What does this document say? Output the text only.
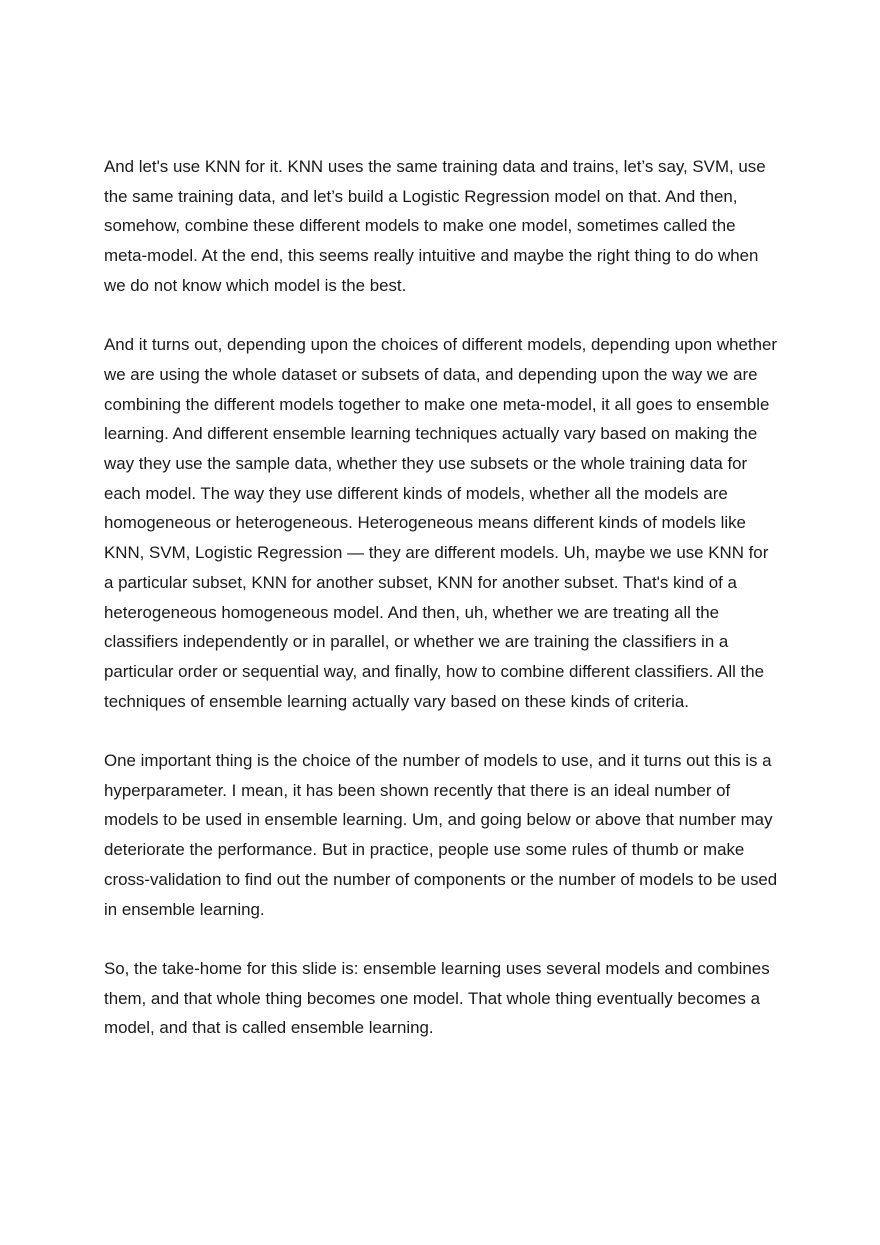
And let's use KNN for it. KNN uses the same training data and trains, let’s say, SVM, use the same training data, and let’s build a Logistic Regression model on that. And then, somehow, combine these different models to make one model, sometimes called the meta-model. At the end, this seems really intuitive and maybe the right thing to do when we do not know which model is the best.

And it turns out, depending upon the choices of different models, depending upon whether we are using the whole dataset or subsets of data, and depending upon the way we are combining the different models together to make one meta-model, it all goes to ensemble learning. And different ensemble learning techniques actually vary based on making the way they use the sample data, whether they use subsets or the whole training data for each model. The way they use different kinds of models, whether all the models are homogeneous or heterogeneous. Heterogeneous means different kinds of models like KNN, SVM, Logistic Regression — they are different models. Uh, maybe we use KNN for a particular subset, KNN for another subset, KNN for another subset. That's kind of a heterogeneous homogeneous model. And then, uh, whether we are treating all the classifiers independently or in parallel, or whether we are training the classifiers in a particular order or sequential way, and finally, how to combine different classifiers. All the techniques of ensemble learning actually vary based on these kinds of criteria.

One important thing is the choice of the number of models to use, and it turns out this is a hyperparameter. I mean, it has been shown recently that there is an ideal number of models to be used in ensemble learning. Um, and going below or above that number may deteriorate the performance. But in practice, people use some rules of thumb or make cross-validation to find out the number of components or the number of models to be used in ensemble learning.

So, the take-home for this slide is: ensemble learning uses several models and combines them, and that whole thing becomes one model. That whole thing eventually becomes a model, and that is called ensemble learning.
